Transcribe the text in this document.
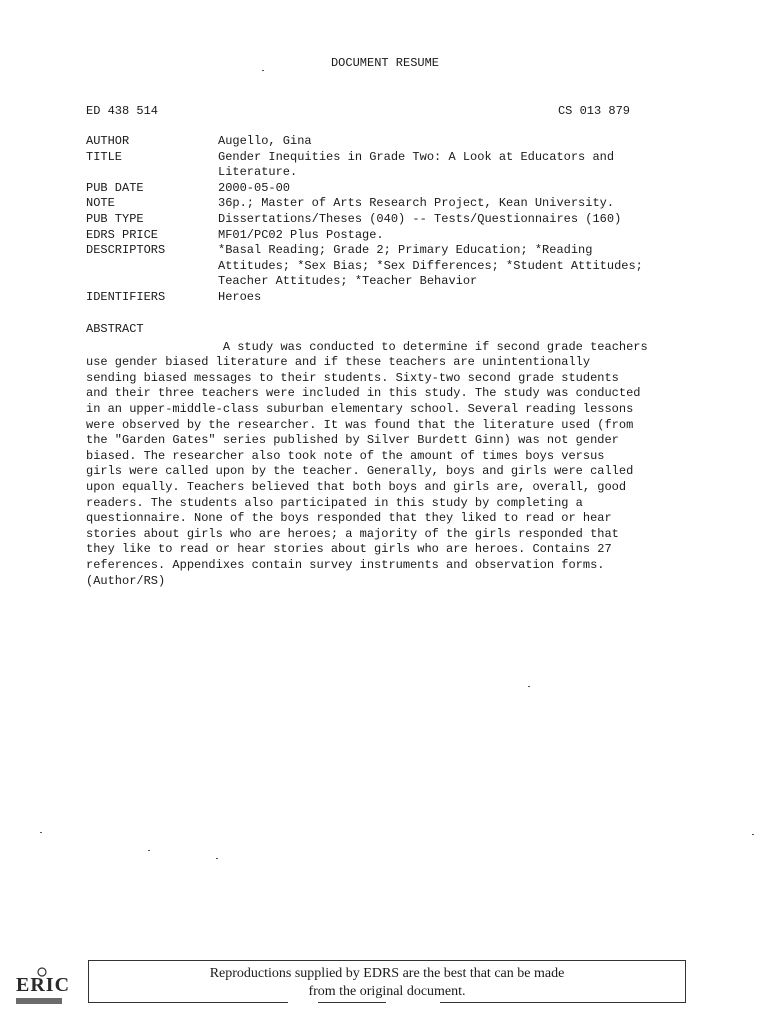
DOCUMENT RESUME
ED 438 514	CS 013 879
AUTHOR	Augello, Gina
TITLE	Gender Inequities in Grade Two: A Look at Educators and
Literature.
PUB DATE	2000-05-00
NOTE	36p.; Master of Arts Research Project, Kean University.
PUB TYPE	Dissertations/Theses (040) -- Tests/Questionnaires (160)
EDRS PRICE	MF01/PC02 Plus Postage.
DESCRIPTORS	*Basal Reading; Grade 2; Primary Education; *Reading
Attitudes; *Sex Bias; *Sex Differences; *Student Attitudes;
Teacher Attitudes; *Teacher Behavior
IDENTIFIERS	Heroes
ABSTRACT
A study was conducted to determine if second grade teachers
use gender biased literature and if these teachers are unintentionally
sending biased messages to their students. Sixty-two second grade students
and their three teachers were included in this study. The study was conducted
in an upper-middle-class suburban elementary school. Several reading lessons
were observed by the researcher. It was found that the literature used (from
the "Garden Gates" series published by Silver Burdett Ginn) was not gender
biased. The researcher also took note of the amount of times boys versus
girls were called upon by the teacher. Generally, boys and girls were called
upon equally. Teachers believed that both boys and girls are, overall, good
readers. The students also participated in this study by completing a
questionnaire. None of the boys responded that they liked to read or hear
stories about girls who are heroes; a majority of the girls responded that
they like to read or hear stories about girls who are heroes. Contains 27
references. Appendixes contain survey instruments and observation forms.
(Author/RS)
ERIC
Reproductions supplied by EDRS are the best that can be made
from the original document.
